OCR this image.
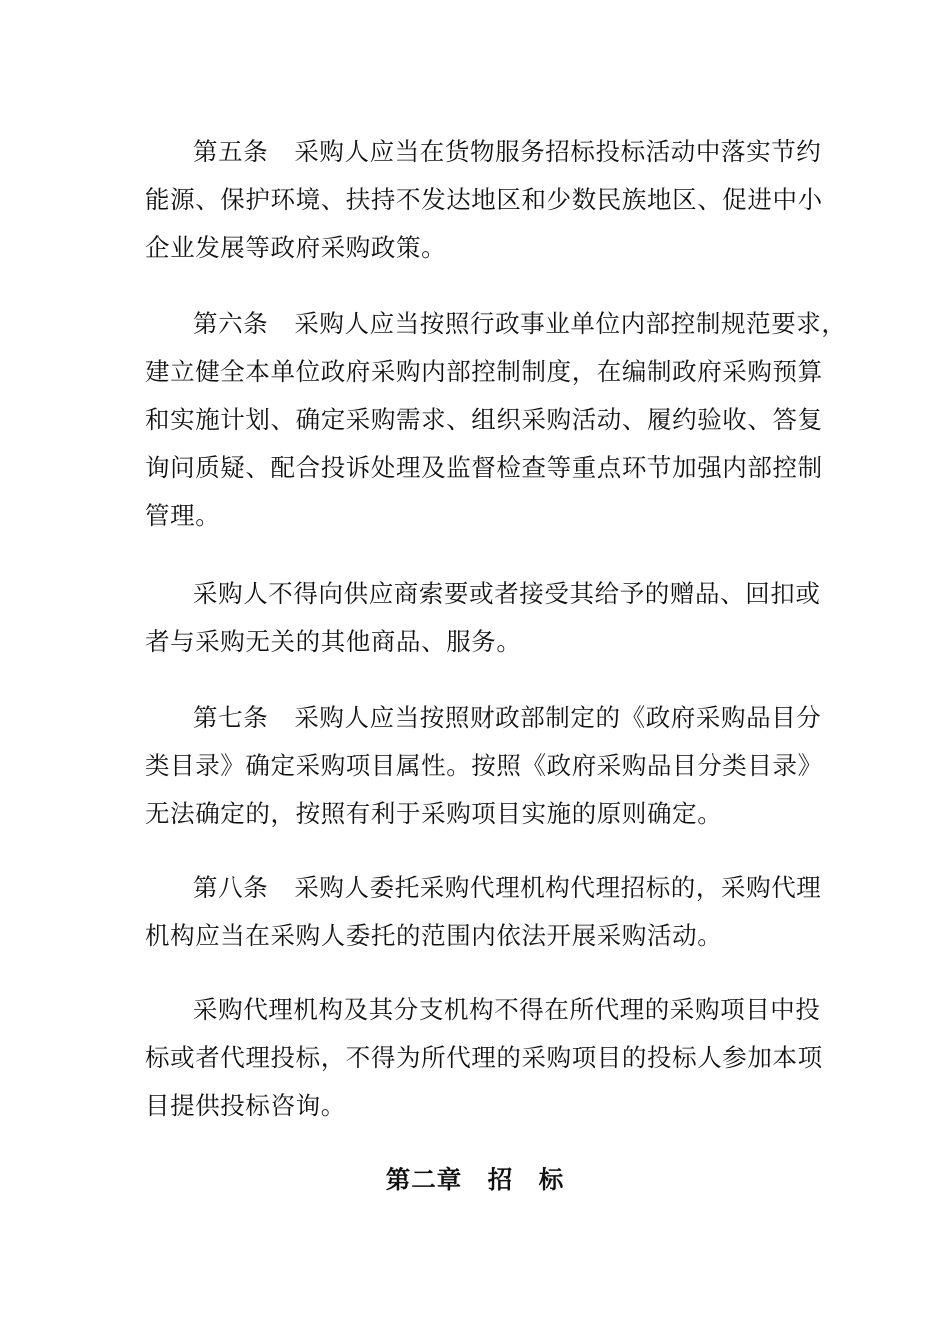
第五条 采购人应当在货物服务招标投标活动中落实节约
能源、保护环境、扶持不发达地区和少数民族地区、促进中小
企业发展等政府采购政策。

第六条 采购人应当按照行政事业单位内部控制规范要求，
建立健全本单位政府采购内部控制制度，在编制政府采购预算
和实施计划、确定采购需求、组织采购活动、履约验收、答复
询问质疑、配合投诉处理及监督检查等重点环节加强内部控制
管理。

采购人不得向供应商索要或者接受其给予的赠品、回扣或
者与采购无关的其他商品、服务。

第七条 采购人应当按照财政部制定的《政府采购品目分
类目录》确定采购项目属性。按照《政府采购品目分类目录》
无法确定的，按照有利于采购项目实施的原则确定。

第八条 采购人委托采购代理机构代理招标的，采购代理
机构应当在采购人委托的范围内依法开展采购活动。

采购代理机构及其分支机构不得在所代理的采购项目中投
标或者代理投标，不得为所代理的采购项目的投标人参加本项
目提供投标咨询。

第二章　招　标
